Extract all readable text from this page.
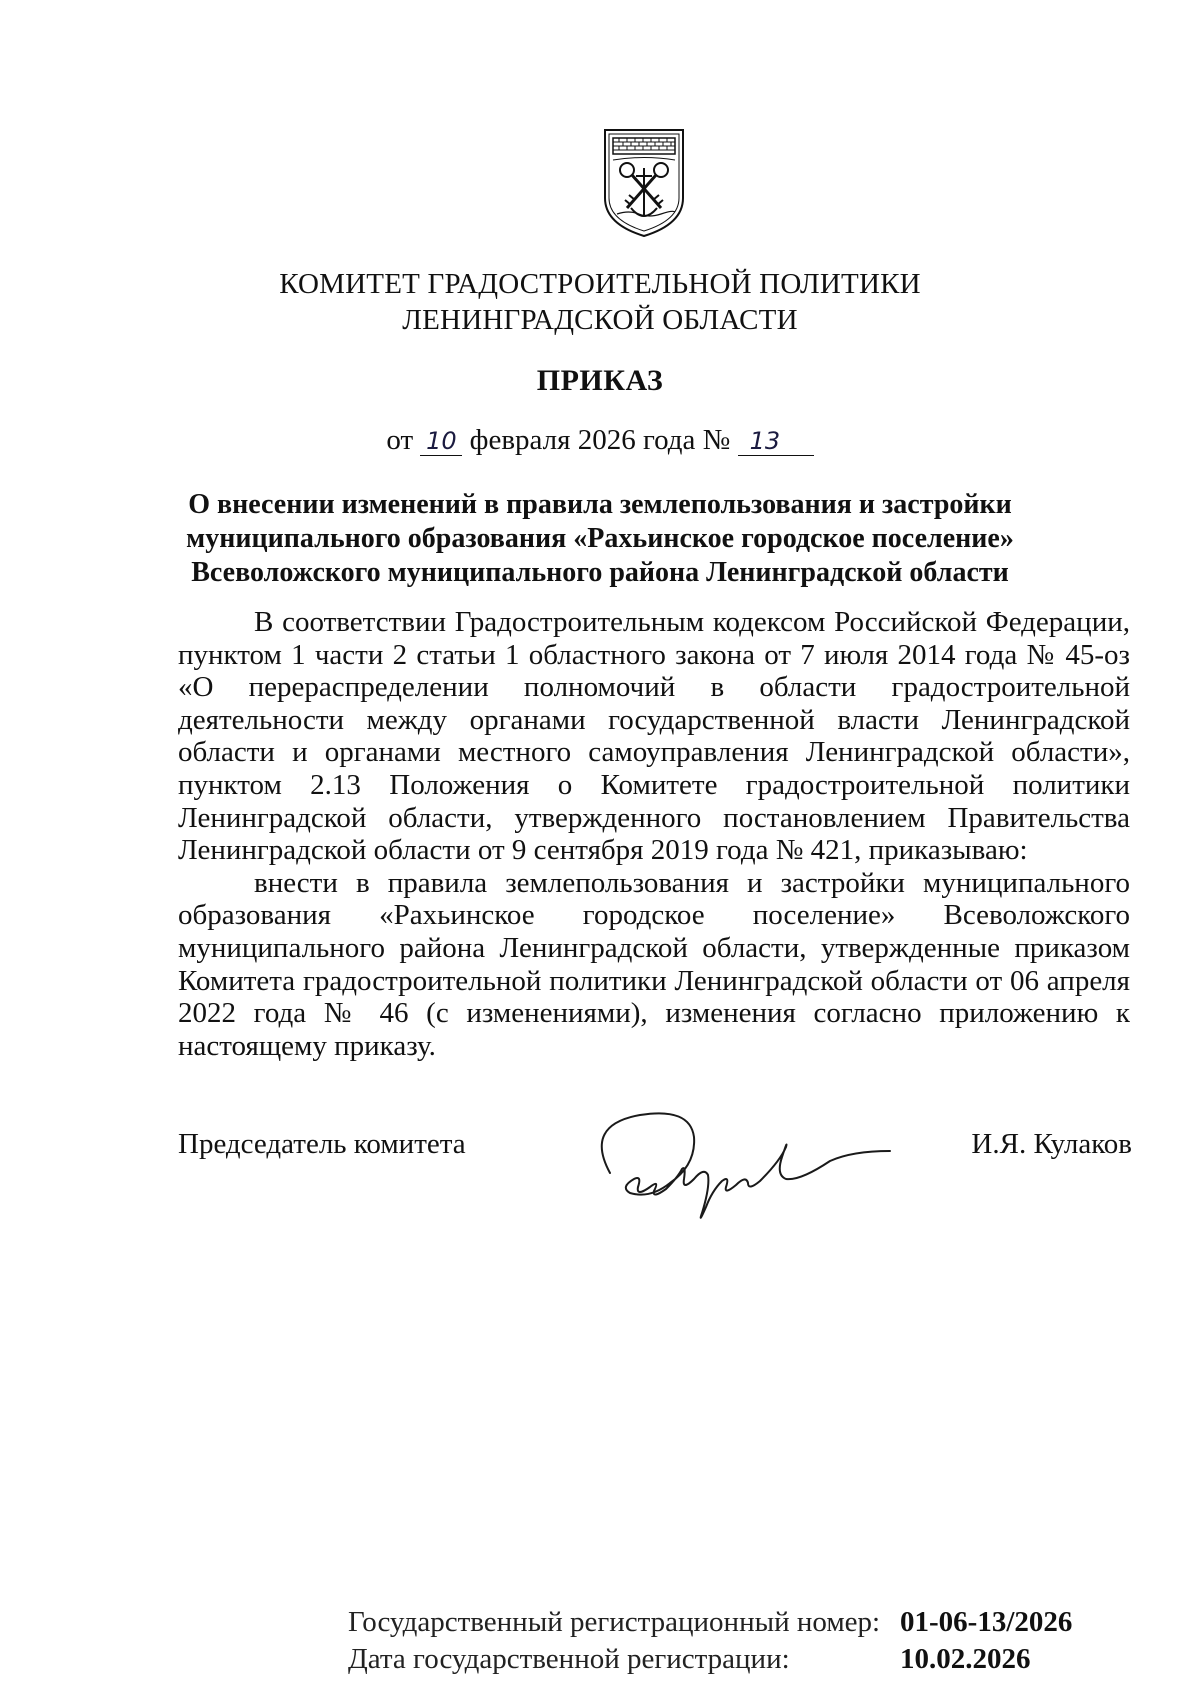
КОМИТЕТ ГРАДОСТРОИТЕЛЬНОЙ ПОЛИТИКИ
ЛЕНИНГРАДСКОЙ ОБЛАСТИ
ПРИКАЗ
от 10 февраля 2026 года № 13
О внесении изменений в правила землепользования и застройки
муниципального образования «Рахьинское городское поселение»
Всеволожского муниципального района Ленинградской области

В соответствии Градостроительным кодексом Российской Федерации, пунктом 1 части 2 статьи 1 областного закона от 7 июля 2014 года № 45-оз «О перераспределении полномочий в области градостроительной деятельности между органами государственной власти Ленинградской области и органами местного самоуправления Ленинградской области», пунктом 2.13 Положения о Комитете градостроительной политики Ленинградской области, утвержденного постановлением Правительства Ленинградской области от 9 сентября 2019 года № 421, приказываю:

внести в правила землепользования и застройки муниципального образования «Рахьинское городское поселение» Всеволожского муниципального района Ленинградской области, утвержденные приказом Комитета градостроительной политики Ленинградской области от 06 апреля 2022 года № 46 (с изменениями), изменения согласно приложению к настоящему приказу.

Председатель комитета	И.Я. Кулаков
Государственный регистрационный номер: 01-06-13/2026
Дата государственной регистрации:	10.02.2026
